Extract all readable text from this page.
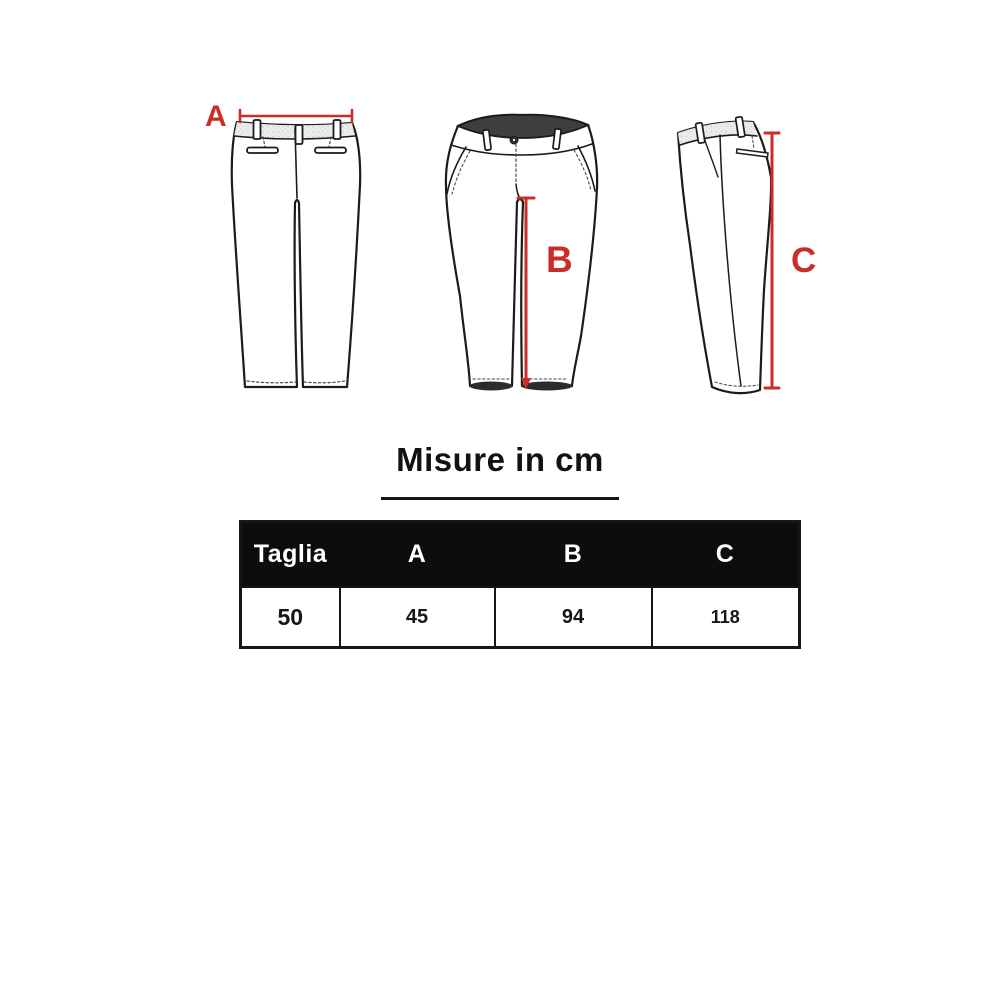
A
B	C
Misure in cm
Taglia	A	B	C
50	45	94	118
